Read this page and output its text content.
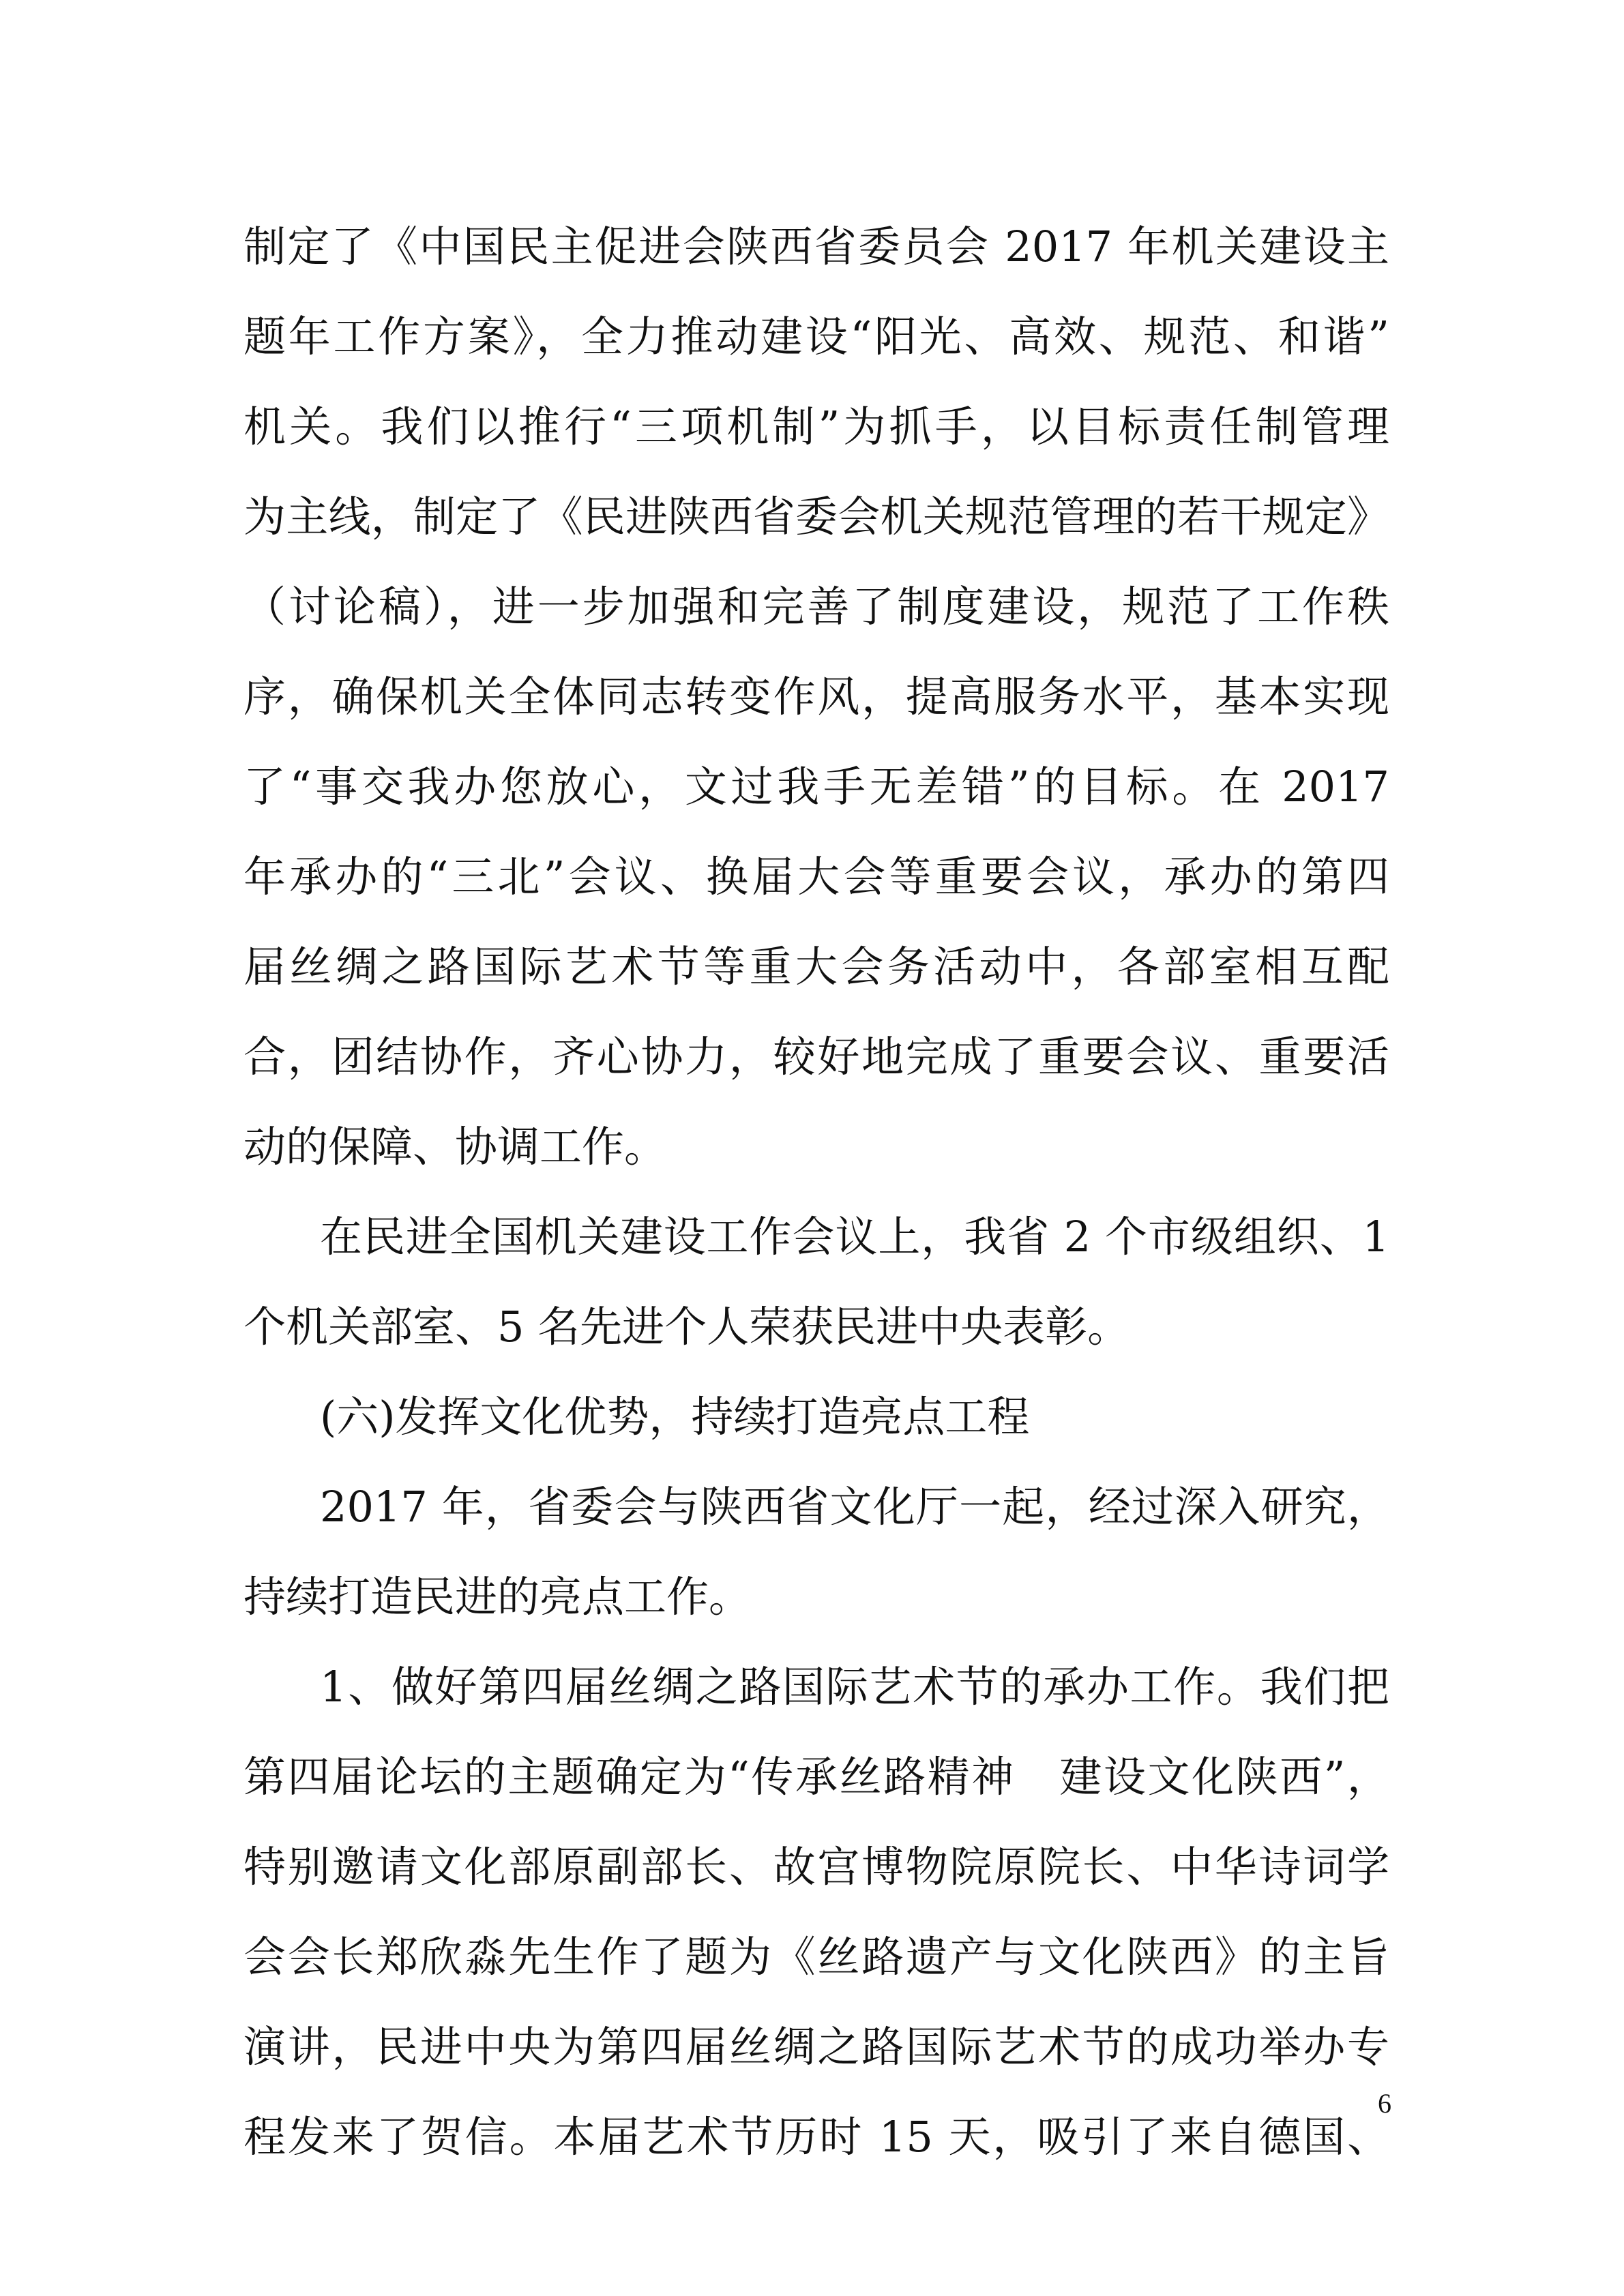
制定了《中国民主促进会陕西省委员会 2017 年机关建设主
题年工作方案》，全力推动建设“阳光、高效、规范、和谐”
机关。我们以推行“三项机制”为抓手，以目标责任制管理
为主线，制定了《民进陕西省委会机关规范管理的若干规定》
（讨论稿），进一步加强和完善了制度建设，规范了工作秩
序，确保机关全体同志转变作风，提高服务水平，基本实现
了“事交我办您放心，文过我手无差错”的目标。在 2017
年承办的“三北”会议、换届大会等重要会议，承办的第四
届丝绸之路国际艺术节等重大会务活动中，各部室相互配
合，团结协作，齐心协力，较好地完成了重要会议、重要活
动的保障、协调工作。
在民进全国机关建设工作会议上，我省 2 个市级组织、1
个机关部室、5 名先进个人荣获民进中央表彰。
(六)发挥文化优势，持续打造亮点工程
2017 年，省委会与陕西省文化厅一起，经过深入研究，
持续打造民进的亮点工作。
1、做好第四届丝绸之路国际艺术节的承办工作。我们把
第四届论坛的主题确定为“传承丝路精神　建设文化陕西”，
特别邀请文化部原副部长、故宫博物院原院长、中华诗词学
会会长郑欣淼先生作了题为《丝路遗产与文化陕西》的主旨
演讲，民进中央为第四届丝绸之路国际艺术节的成功举办专
程发来了贺信。本届艺术节历时 15 天，吸引了来自德国、
6
